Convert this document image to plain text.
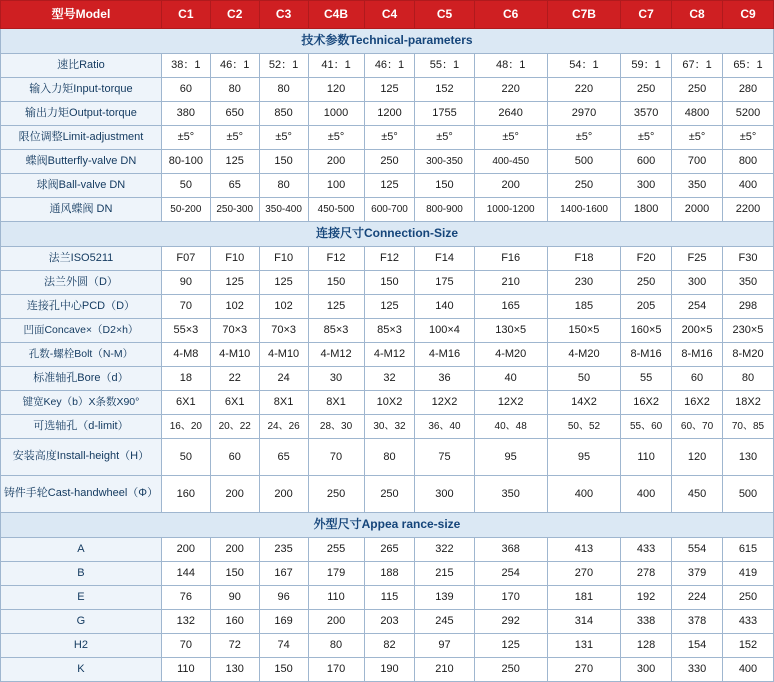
型号Model	C1	C2	C3	C4B	C4	C5	C6	C7B	C7	C8	C9
技术参数Technical-parameters											
速比Ratio	38：1	46：1	52：1	41：1	46：1	55：1	48：1	54：1	59：1	67：1	65：1
输入力矩Input-torque	60	80	80	120	125	152	220	220	250	250	280
输出力矩Output-torque	380	650	850	1000	1200	1755	2640	2970	3570	4800	5200
限位调整Limit-adjustment	±5°	±5°	±5°	±5°	±5°	±5°	±5°	±5°	±5°	±5°	±5°
蝶阀Butterfly-valve DN	80-100	125	150	200	250	300-350	400-450	500	600	700	800
球阀Ball-valve DN	50	65	80	100	125	150	200	250	300	350	400
通风蝶阀 DN	50-200	250-300	350-400	450-500	600-700	800-900	1000-1200	1400-1600	1800	2000	2200
连接尺寸Connection-Size											
法兰ISO5211	F07	F10	F10	F12	F12	F14	F16	F18	F20	F25	F30
法兰外圆（D）	90	125	125	150	150	175	210	230	250	300	350
连接孔中心PCD（D）	70	102	102	125	125	140	165	185	205	254	298
凹面Concave×（D2×h）	55×3	70×3	70×3	85×3	85×3	100×4	130×5	150×5	160×5	200×5	230×5
孔数-螺栓Bolt（N-M）	4-M8	4-M10	4-M10	4-M12	4-M12	4-M16	4-M20	4-M20	8-M16	8-M16	8-M20
标准轴孔Bore（d）	18	22	24	30	32	36	40	50	55	60	80
键宽Key（b）X条数X90°	6X1	6X1	8X1	8X1	10X2	12X2	12X2	14X2	16X2	16X2	18X2
可选轴孔（d-limit）	16、20	20、22	24、26	28、30	30、32	36、40	40、48	50、52	55、60	60、70	70、85

安装高度Install-height（H）	50	60	65	70	80	75	95	95	110	120	130

铸件手轮Cast-handwheel（Φ）	160	200	200	250	250	300	350	400	400	450	500
外型尺寸Appea rance-size											
A	200	200	235	255	265	322	368	413	433	554	615
B	144	150	167	179	188	215	254	270	278	379	419
E	76	90	96	110	115	139	170	181	192	224	250
G	132	160	169	200	203	245	292	314	338	378	433
H2	70	72	74	80	82	97	125	131	128	154	152
K	110	130	150	170	190	210	250	270	300	330	400
